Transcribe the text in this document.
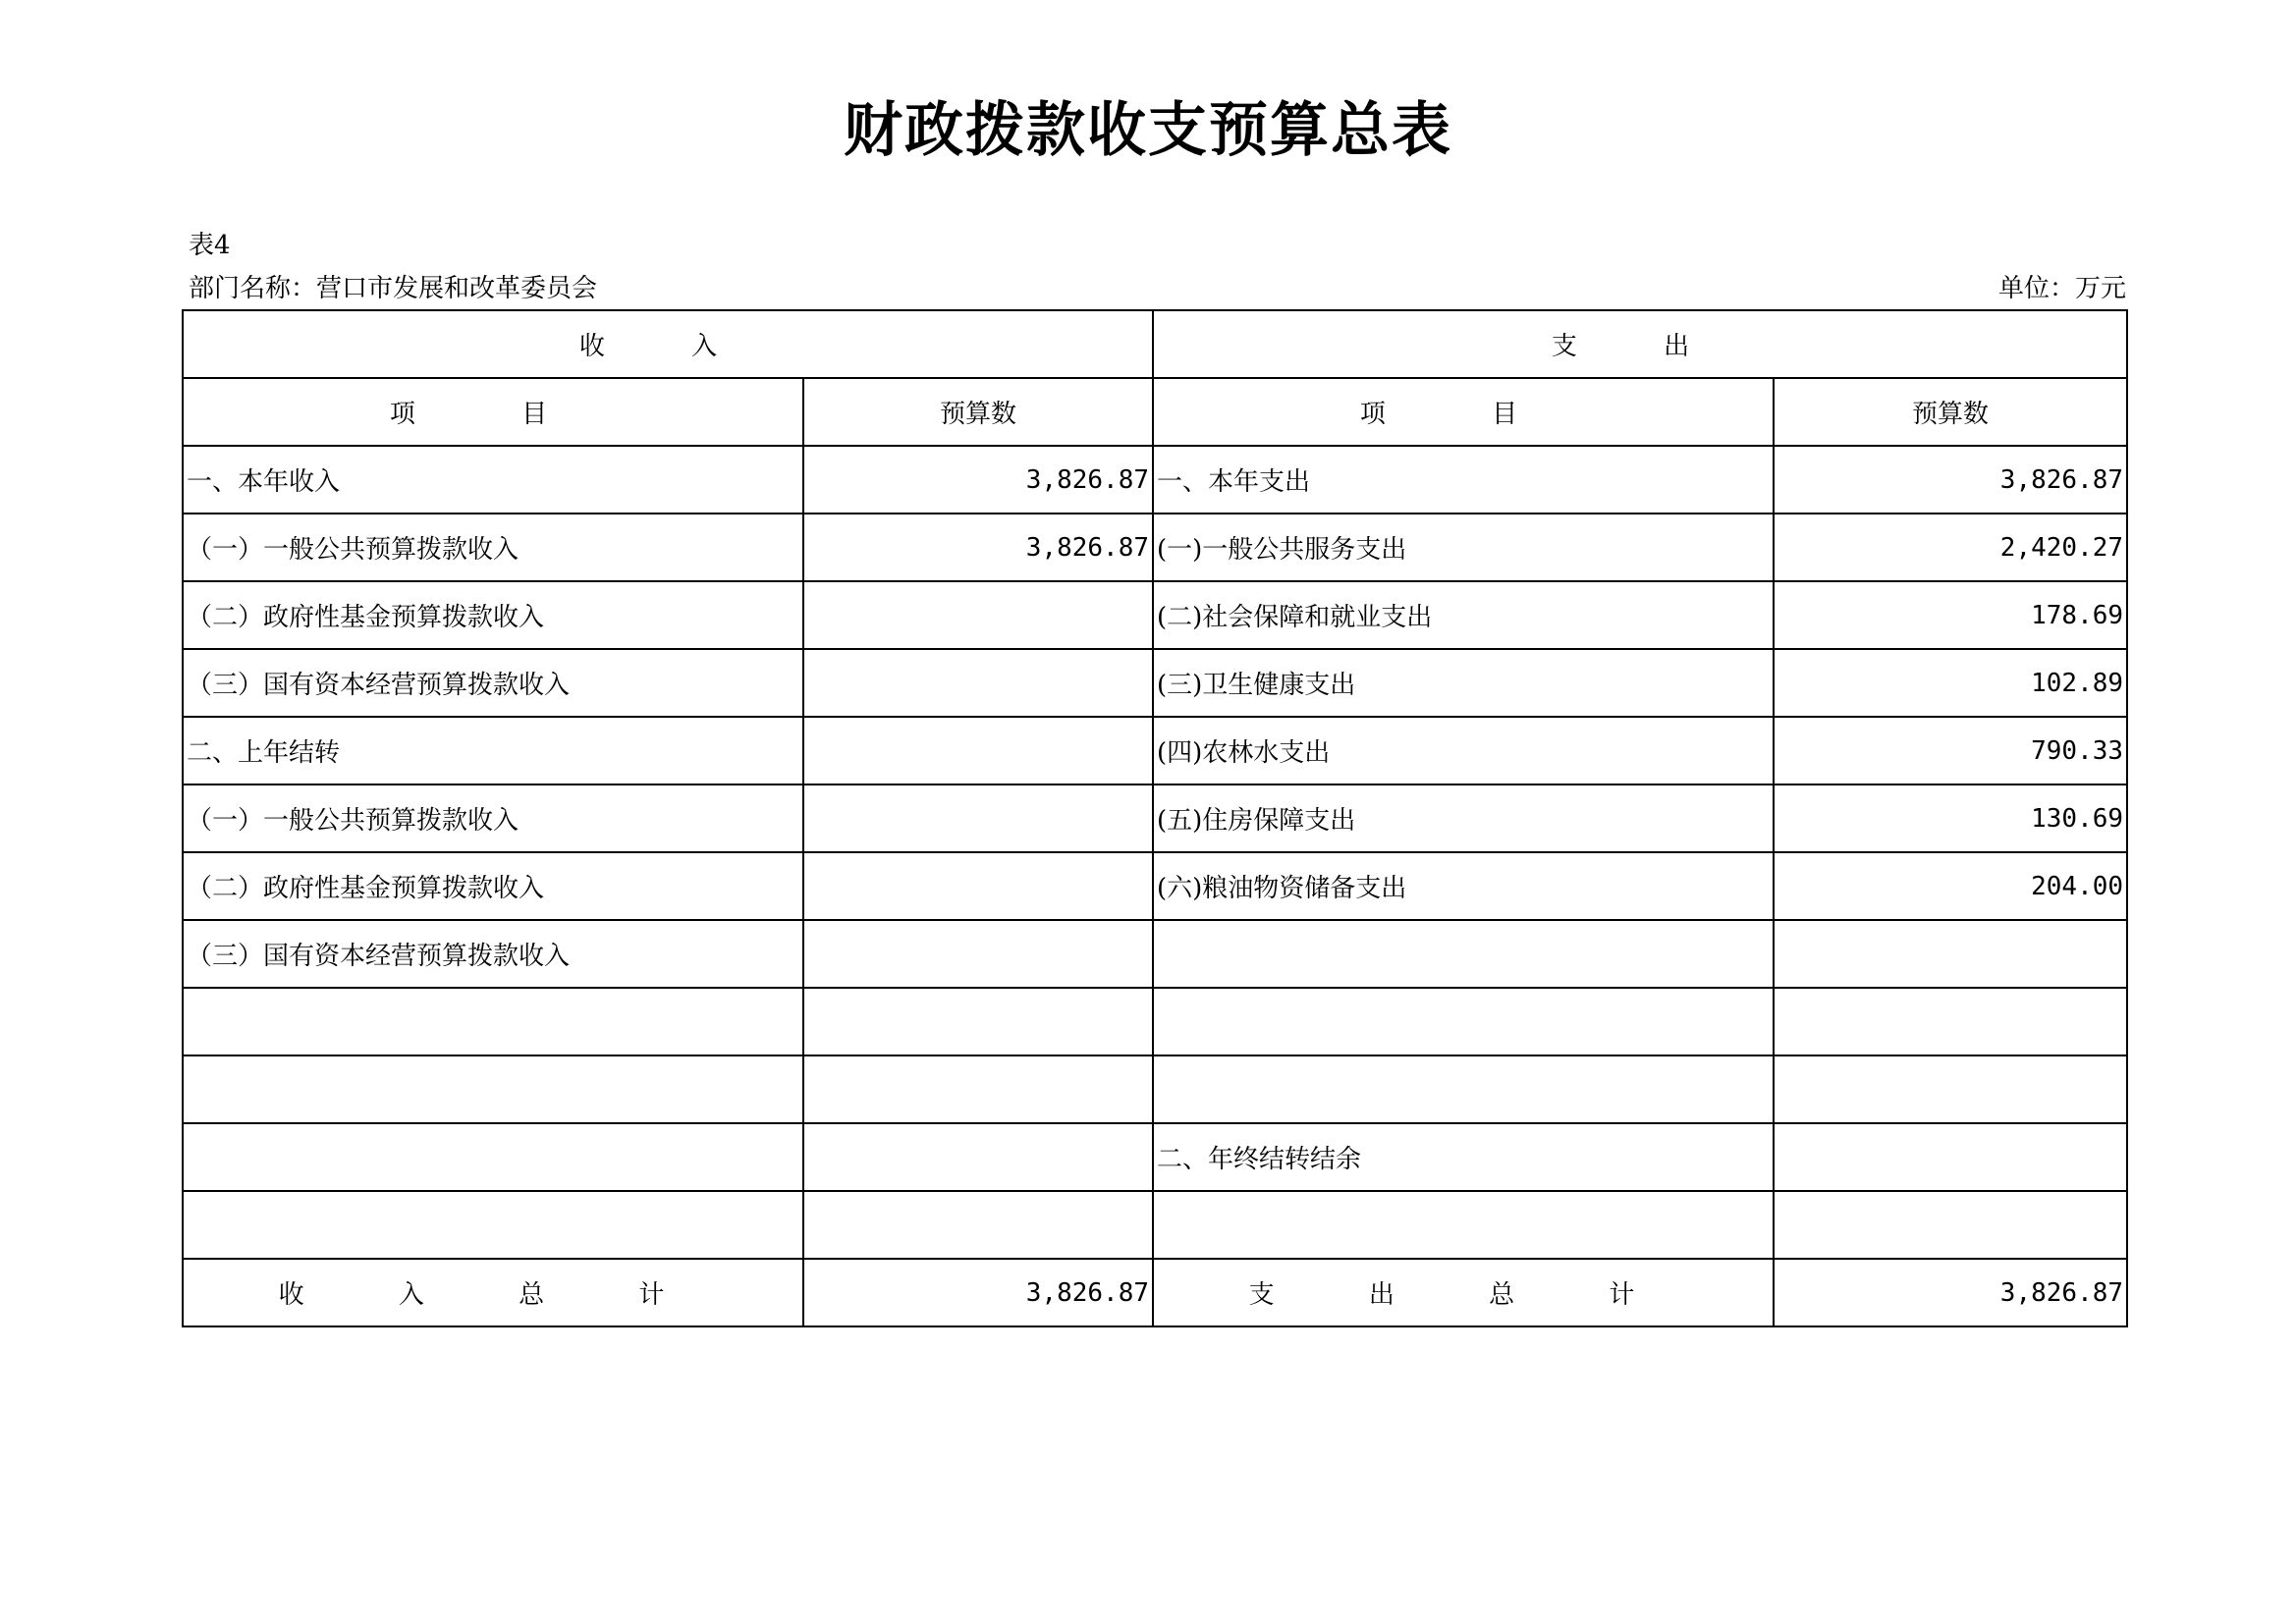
财政拨款收支预算总表
表4
部门名称：营口市发展和改革委员会	单位：万元
收 入		支 出	
项 目	预算数	项 目	预算数
一、本年收入	3,826.87	一、本年支出	3,826.87
（一）一般公共预算拨款收入	3,826.87	(一)一般公共服务支出	2,420.27
（二）政府性基金预算拨款收入		(二)社会保障和就业支出	178.69
（三）国有资本经营预算拨款收入		(三)卫生健康支出	102.89
二、上年结转		(四)农林水支出	790.33
（一）一般公共预算拨款收入		(五)住房保障支出	130.69
（二）政府性基金预算拨款收入		(六)粮油物资储备支出	204.00
（三）国有资本经营预算拨款收入			

		二、年终结转结余	

收 入 总 计	3,826.87	支 出 总 计	3,826.87
